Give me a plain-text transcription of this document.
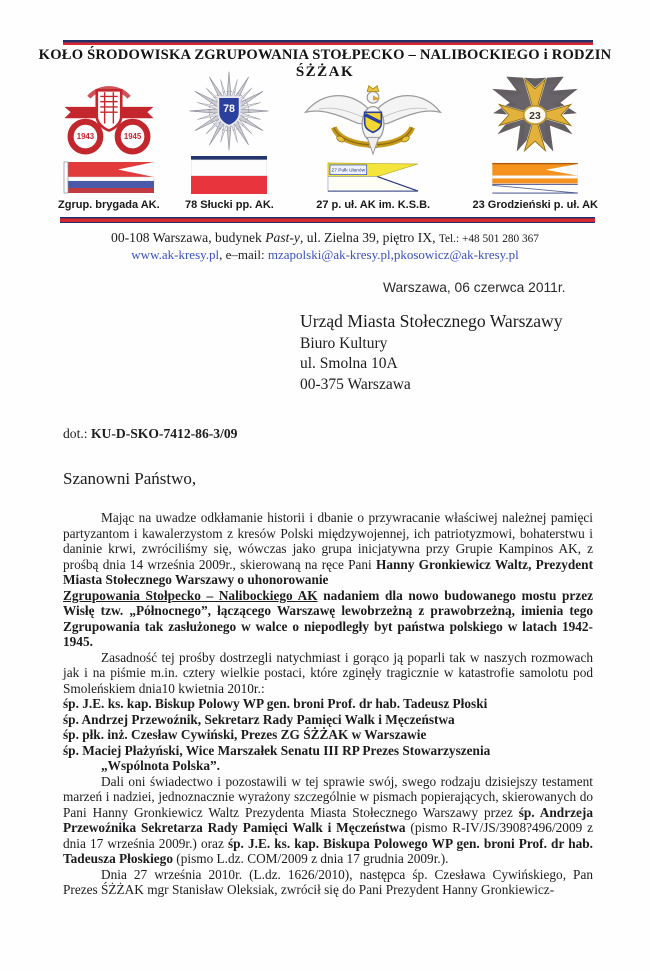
KOŁO ŚRODOWISKA ZGRUPOWANIA STOŁPECKO – NALIBOCKIEGO i RODZIN
ŚŻŻAK
1943	1945
Zgrup. brygada AK.
78
78 Słucki pp. AK.
27 Pułk Ułanów
27 p. uł. AK im. K.S.B.
23
23 Grodzieński p. uł. AK
00-108 Warszawa, budynek Past-y, ul. Zielna 39, piętro IX, Tel.: +48 501 280 367
www.ak-kresy.pl, e–mail: mzapolski@ak-kresy.pl,pkosowicz@ak-kresy.pl
Warszawa, 06 czerwca 2011r.
Urząd Miasta Stołecznego Warszawy
Biuro Kultury
ul. Smolna 10A
00-375 Warszawa
dot.: KU-D-SKO-7412-86-3/09
Szanowni Państwo,

Mając na uwadze odkłamanie historii i dbanie o przywracanie właściwej należnej pamięci partyzantom i kawalerzystom z kresów Polski międzywojennej, ich patriotyzmowi, bohaterstwu i daninie krwi, zwróciliśmy się, wówczas jako grupa inicjatywna przy Grupie Kampinos AK, z prośbą dnia 14 września 2009r., skierowaną na ręce Pani Hanny Gronkiewicz Waltz, Prezydent Miasta Stołecznego Warszawy o uhonorowanie

Zgrupowania Stołpecko – Nalibockiego AK nadaniem dla nowo budowanego mostu przez Wisłę tzw. „Północnego”, łączącego Warszawę lewobrzeżną z prawobrzeżną, imienia tego Zgrupowania tak zasłużonego w walce o niepodległy byt państwa polskiego w latach 1942-1945.

Zasadność tej prośby dostrzegli natychmiast i gorąco ją poparli tak w naszych rozmowach jak i na piśmie m.in. cztery wielkie postaci, które zginęły tragicznie w katastrofie samolotu pod Smoleńskiem dnia10 kwietnia 2010r.:

śp. J.E. ks. kap. Biskup Polowy WP gen. broni Prof. dr hab. Tadeusz Płoski

śp. Andrzej Przewoźnik, Sekretarz Rady Pamięci Walk i Męczeństwa

śp. płk. inż. Czesław Cywiński, Prezes ZG ŚŻŻAK w Warszawie

śp. Maciej Płażyński, Wice Marszałek Senatu III RP Prezes Stowarzyszenia

„Wspólnota Polska”.

Dali oni świadectwo i pozostawili w tej sprawie swój, swego rodzaju dzisiejszy testament marzeń i nadziei, jednoznacznie wyrażony szczególnie w pismach popierających, skierowanych do Pani Hanny Gronkiewicz Waltz Prezydenta Miasta Stołecznego Warszawy przez śp. Andrzeja Przewoźnika Sekretarza Rady Pamięci Walk i Męczeństwa (pismo R-IV/JS/3908?496/2009 z dnia 17 września 2009r.) oraz śp. J.E. ks. kap. Biskupa Polowego WP gen. broni Prof. dr hab. Tadeusza Płoskiego (pismo L.dz. COM/2009 z dnia 17 grudnia 2009r.).

Dnia 27 września 2010r. (L.dz. 1626/2010), następca śp. Czesława Cywińskiego, Pan Prezes ŚŻŻAK mgr Stanisław Oleksiak, zwrócił się do Pani Prezydent Hanny Gronkiewicz-
